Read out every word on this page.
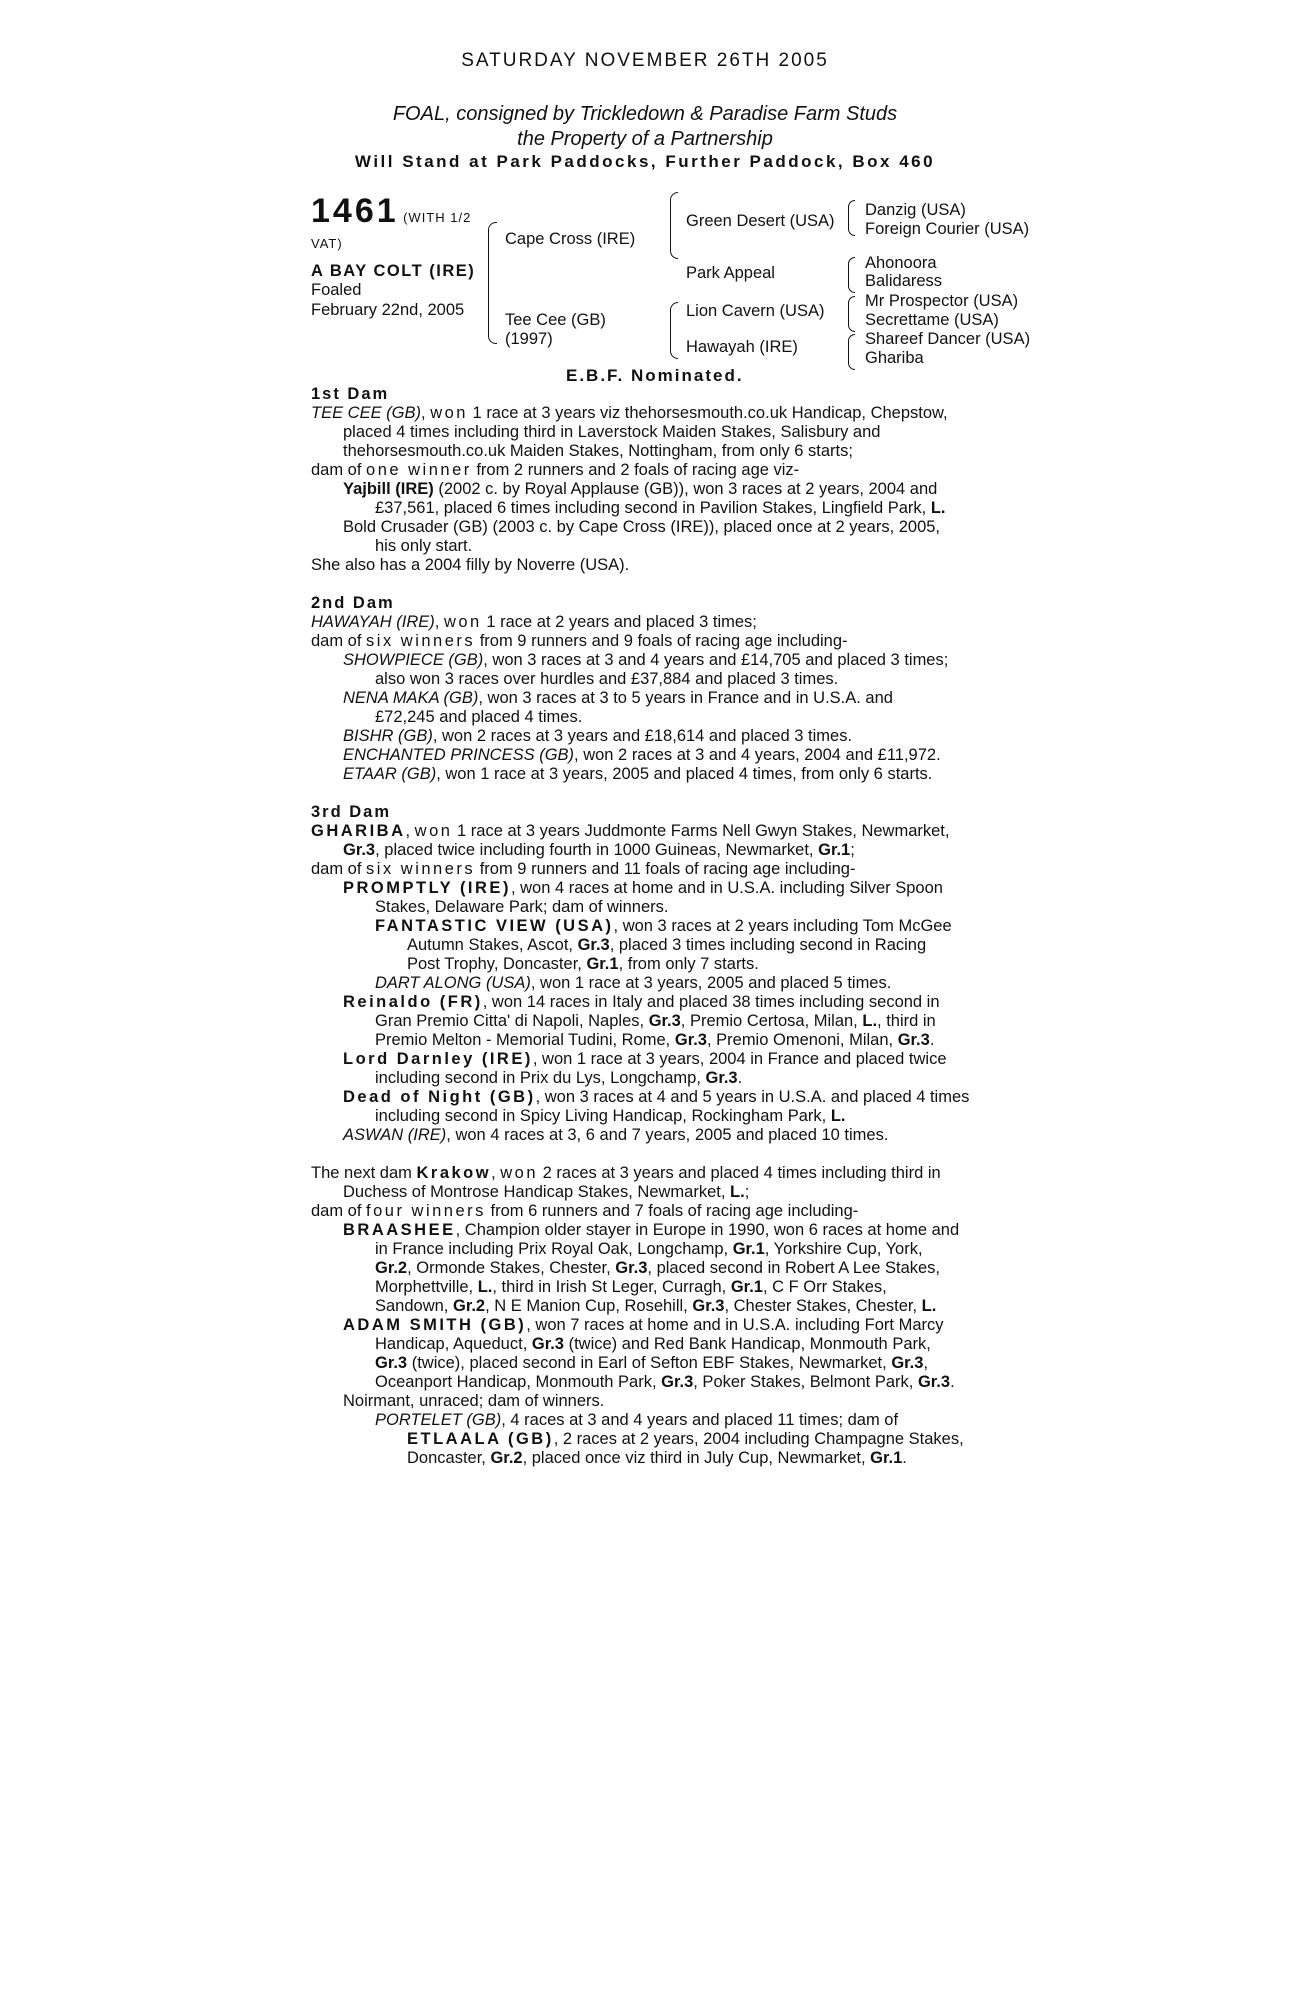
SATURDAY NOVEMBER 26TH 2005
FOAL, consigned by Trickledown & Paradise Farm Studs
the Property of a Partnership
Will Stand at Park Paddocks, Further Paddock, Box 460
1461 (WITH 1/2
VAT)
A BAY COLT (IRE)
Foaled
February 22nd, 2005
Cape Cross (IRE)
Tee Cee (GB)
(1997)
Green Desert (USA)
Park Appeal
Lion Cavern (USA)
Hawayah (IRE)
Danzig (USA)
Foreign Courier (USA)
Ahonoora
Balidaress
Mr Prospector (USA)
Secrettame (USA)
Shareef Dancer (USA)
Ghariba
E.B.F. Nominated.
1st Dam
TEE CEE (GB), won 1 race at 3 years viz thehorsesmouth.co.uk Handicap, Chepstow,
placed 4 times including third in Laverstock Maiden Stakes, Salisbury and
thehorsesmouth.co.uk Maiden Stakes, Nottingham, from only 6 starts;
dam of one winner from 2 runners and 2 foals of racing age viz-
Yajbill (IRE) (2002 c. by Royal Applause (GB)), won 3 races at 2 years, 2004 and
£37,561, placed 6 times including second in Pavilion Stakes, Lingfield Park, L.
Bold Crusader (GB) (2003 c. by Cape Cross (IRE)), placed once at 2 years, 2005,
his only start.
She also has a 2004 filly by Noverre (USA).
2nd Dam
HAWAYAH (IRE), won 1 race at 2 years and placed 3 times;
dam of six winners from 9 runners and 9 foals of racing age including-
SHOWPIECE (GB), won 3 races at 3 and 4 years and £14,705 and placed 3 times;
also won 3 races over hurdles and £37,884 and placed 3 times.
NENA MAKA (GB), won 3 races at 3 to 5 years in France and in U.S.A. and
£72,245 and placed 4 times.
BISHR (GB), won 2 races at 3 years and £18,614 and placed 3 times.
ENCHANTED PRINCESS (GB), won 2 races at 3 and 4 years, 2004 and £11,972.
ETAAR (GB), won 1 race at 3 years, 2005 and placed 4 times, from only 6 starts.
3rd Dam
GHARIBA, won 1 race at 3 years Juddmonte Farms Nell Gwyn Stakes, Newmarket,
Gr.3, placed twice including fourth in 1000 Guineas, Newmarket, Gr.1;
dam of six winners from 9 runners and 11 foals of racing age including-
PROMPTLY (IRE), won 4 races at home and in U.S.A. including Silver Spoon
Stakes, Delaware Park; dam of winners.
FANTASTIC VIEW (USA), won 3 races at 2 years including Tom McGee
Autumn Stakes, Ascot, Gr.3, placed 3 times including second in Racing
Post Trophy, Doncaster, Gr.1, from only 7 starts.
DART ALONG (USA), won 1 race at 3 years, 2005 and placed 5 times.
Reinaldo (FR), won 14 races in Italy and placed 38 times including second in
Gran Premio Citta' di Napoli, Naples, Gr.3, Premio Certosa, Milan, L., third in
Premio Melton - Memorial Tudini, Rome, Gr.3, Premio Omenoni, Milan, Gr.3.
Lord Darnley (IRE), won 1 race at 3 years, 2004 in France and placed twice
including second in Prix du Lys, Longchamp, Gr.3.
Dead of Night (GB), won 3 races at 4 and 5 years in U.S.A. and placed 4 times
including second in Spicy Living Handicap, Rockingham Park, L.
ASWAN (IRE), won 4 races at 3, 6 and 7 years, 2005 and placed 10 times.
The next dam Krakow, won 2 races at 3 years and placed 4 times including third in
Duchess of Montrose Handicap Stakes, Newmarket, L.;
dam of four winners from 6 runners and 7 foals of racing age including-
BRAASHEE, Champion older stayer in Europe in 1990, won 6 races at home and
in France including Prix Royal Oak, Longchamp, Gr.1, Yorkshire Cup, York,
Gr.2, Ormonde Stakes, Chester, Gr.3, placed second in Robert A Lee Stakes,
Morphettville, L., third in Irish St Leger, Curragh, Gr.1, C F Orr Stakes,
Sandown, Gr.2, N E Manion Cup, Rosehill, Gr.3, Chester Stakes, Chester, L.
ADAM SMITH (GB), won 7 races at home and in U.S.A. including Fort Marcy
Handicap, Aqueduct, Gr.3 (twice) and Red Bank Handicap, Monmouth Park,
Gr.3 (twice), placed second in Earl of Sefton EBF Stakes, Newmarket, Gr.3,
Oceanport Handicap, Monmouth Park, Gr.3, Poker Stakes, Belmont Park, Gr.3.
Noirmant, unraced; dam of winners.
PORTELET (GB), 4 races at 3 and 4 years and placed 11 times; dam of
ETLAALA (GB), 2 races at 2 years, 2004 including Champagne Stakes,
Doncaster, Gr.2, placed once viz third in July Cup, Newmarket, Gr.1.
